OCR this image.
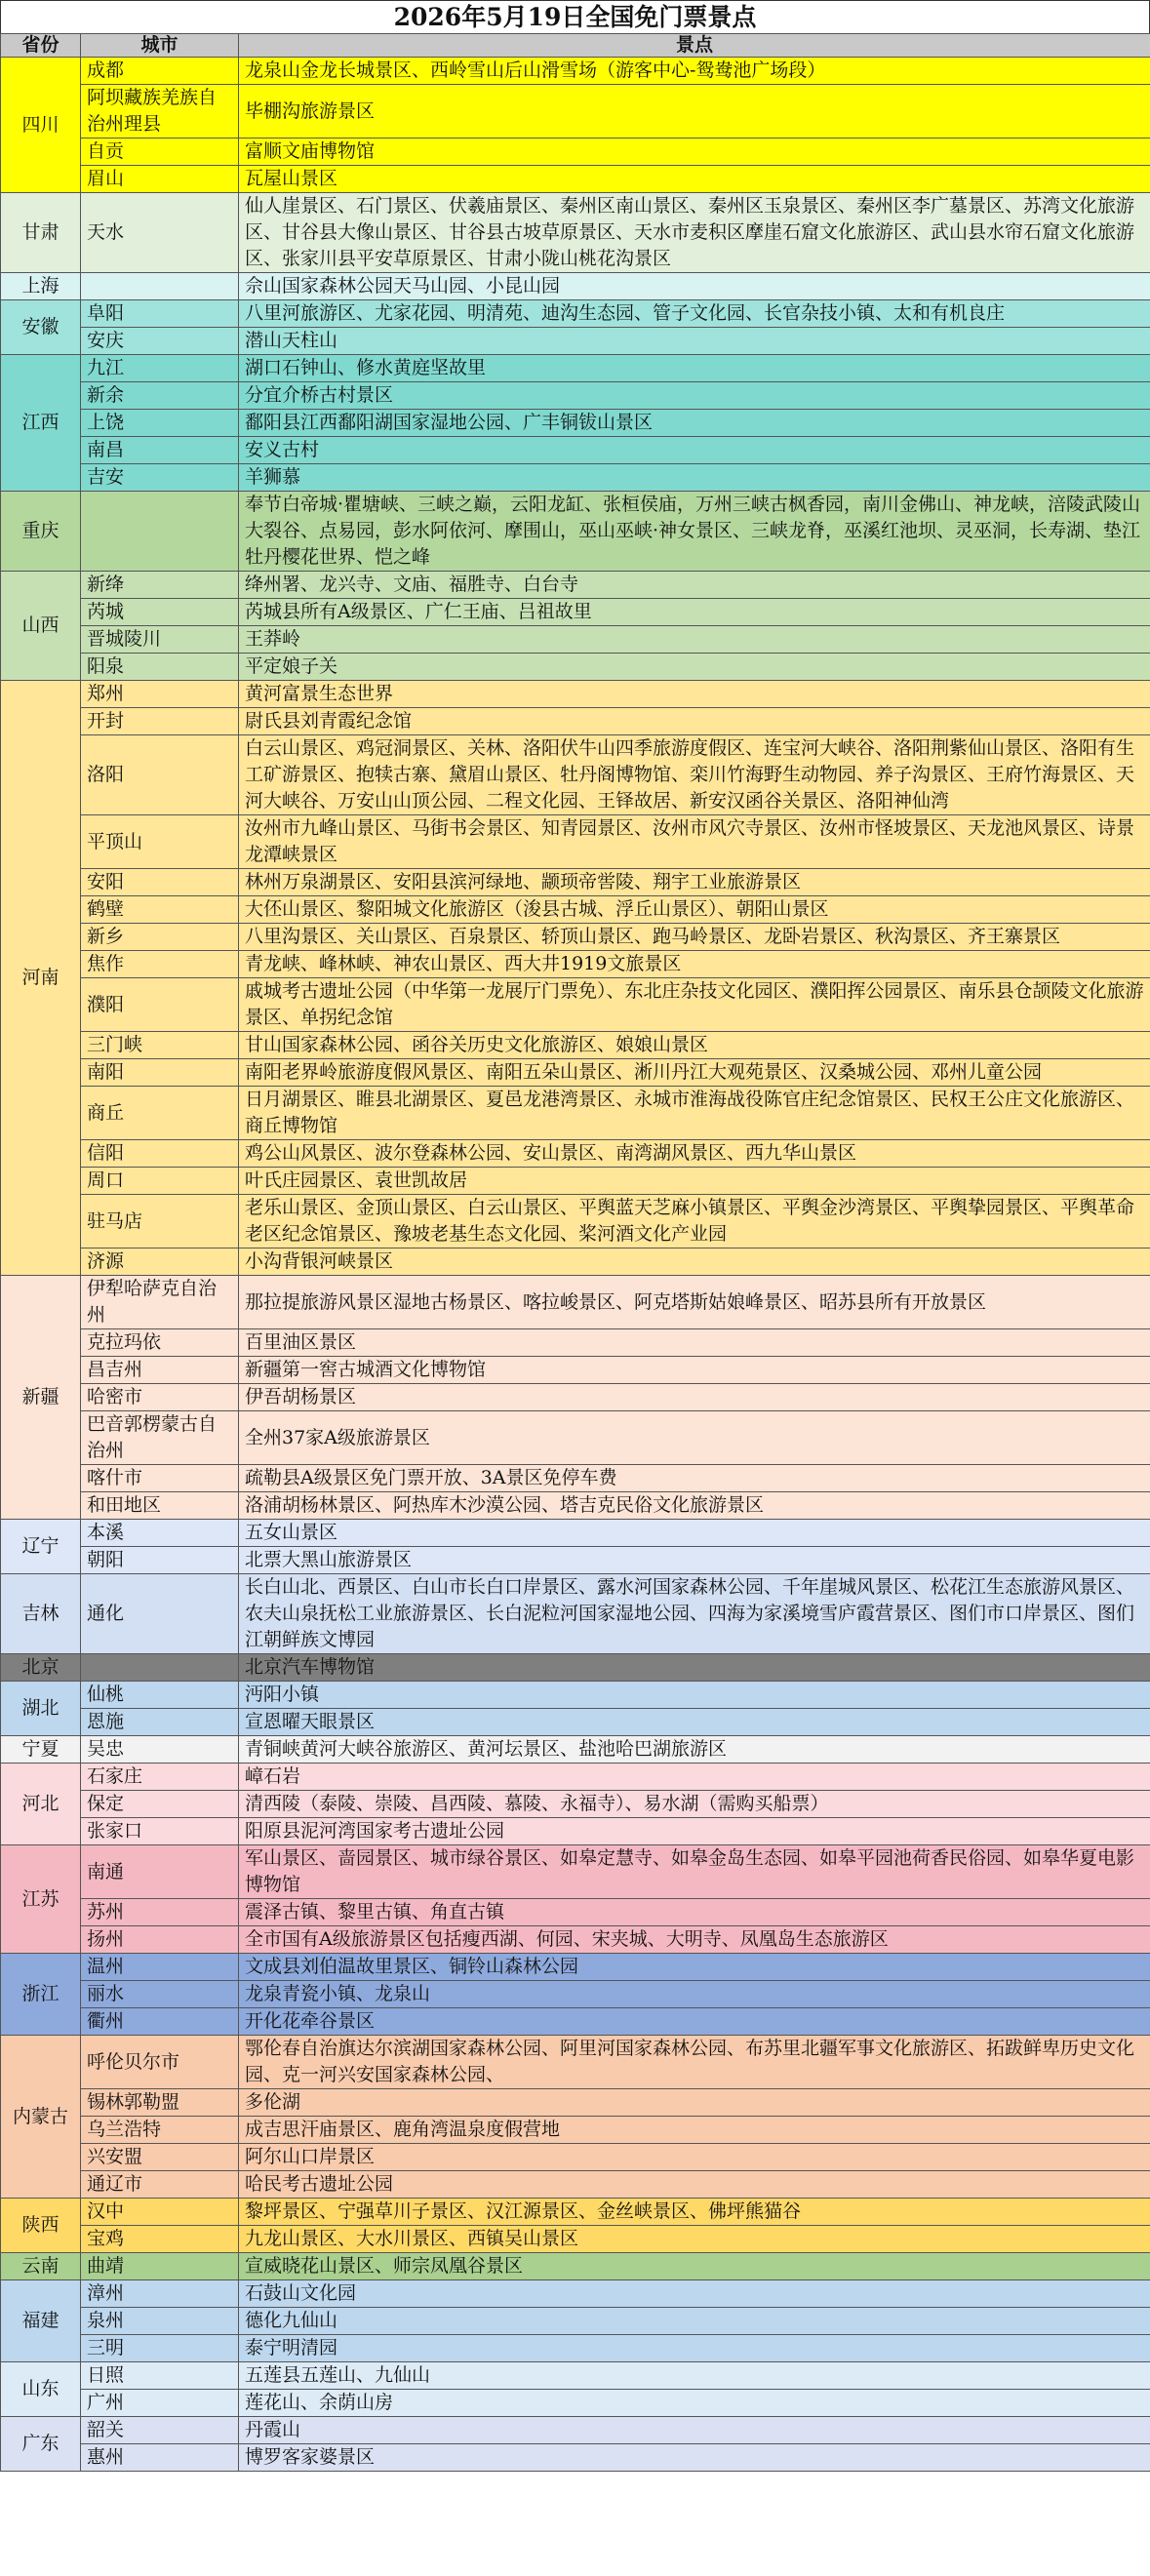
2026年5月19日全国免门票景点
省份	城市	景点
四川	成都	龙泉山金龙长城景区、西岭雪山后山滑雪场（游客中心-鸳鸯池广场段）
	阿坝藏族羌族自治州理县	毕棚沟旅游景区
	自贡	富顺文庙博物馆
	眉山	瓦屋山景区
甘肃	天水	仙人崖景区、石门景区、伏羲庙景区、秦州区南山景区、秦州区玉泉景区、秦州区李广墓景区、苏湾文化旅游区、甘谷县大像山景区、甘谷县古坡草原景区、天水市麦积区摩崖石窟文化旅游区、武山县水帘石窟文化旅游区、张家川县平安草原景区、甘肃小陇山桃花沟景区
上海		佘山国家森林公园天马山园、小昆山园
安徽	阜阳	八里河旅游区、尤家花园、明清苑、迪沟生态园、管子文化园、长官杂技小镇、太和有机良庄
	安庆	潜山天柱山
江西	九江	湖口石钟山、修水黄庭坚故里
	新余	分宜介桥古村景区
	上饶	鄱阳县江西鄱阳湖国家湿地公园、广丰铜钹山景区
	南昌	安义古村
	吉安	羊狮慕
重庆		奉节白帝城·瞿塘峡、三峡之巅，云阳龙缸、张桓侯庙，万州三峡古枫香园，南川金佛山、神龙峡，涪陵武陵山大裂谷、点易园，彭水阿依河、摩围山，巫山巫峡·神女景区、三峡龙脊，巫溪红池坝、灵巫洞，长寿湖、垫江牡丹樱花世界、恺之峰
山西	新绛	绛州署、龙兴寺、文庙、福胜寺、白台寺
	芮城	芮城县所有A级景区、广仁王庙、吕祖故里
	晋城陵川	王莽岭
	阳泉	平定娘子关
河南	郑州	黄河富景生态世界
	开封	尉氏县刘青霞纪念馆
	洛阳	白云山景区、鸡冠洞景区、关林、洛阳伏牛山四季旅游度假区、连宝河大峡谷、洛阳荆紫仙山景区、洛阳有生工矿游景区、抱犊古寨、黛眉山景区、牡丹阁博物馆、栾川竹海野生动物园、养子沟景区、王府竹海景区、天河大峡谷、万安山山顶公园、二程文化园、王铎故居、新安汉函谷关景区、洛阳神仙湾
	平顶山	汝州市九峰山景区、马街书会景区、知青园景区、汝州市风穴寺景区、汝州市怪坡景区、天龙池风景区、诗景龙潭峡景区
	安阳	林州万泉湖景区、安阳县滨河绿地、颛顼帝喾陵、翔宇工业旅游景区
	鹤壁	大伾山景区、黎阳城文化旅游区（浚县古城、浮丘山景区）、朝阳山景区
	新乡	八里沟景区、关山景区、百泉景区、轿顶山景区、跑马岭景区、龙卧岩景区、秋沟景区、齐王寨景区
	焦作	青龙峡、峰林峡、神农山景区、西大井1919文旅景区
	濮阳	戚城考古遗址公园（中华第一龙展厅门票免）、东北庄杂技文化园区、濮阳挥公园景区、南乐县仓颉陵文化旅游景区、单拐纪念馆
	三门峡	甘山国家森林公园、函谷关历史文化旅游区、娘娘山景区
	南阳	南阳老界岭旅游度假风景区、南阳五朵山景区、淅川丹江大观苑景区、汉桑城公园、邓州儿童公园
	商丘	日月湖景区、睢县北湖景区、夏邑龙港湾景区、永城市淮海战役陈官庄纪念馆景区、民权王公庄文化旅游区、商丘博物馆
	信阳	鸡公山风景区、波尔登森林公园、安山景区、南湾湖风景区、西九华山景区
	周口	叶氏庄园景区、袁世凯故居
	驻马店	老乐山景区、金顶山景区、白云山景区、平舆蓝天芝麻小镇景区、平舆金沙湾景区、平舆挚园景区、平舆革命老区纪念馆景区、豫坡老基生态文化园、桨河酒文化产业园
	济源	小沟背银河峡景区
新疆	伊犁哈萨克自治州	那拉提旅游风景区湿地古杨景区、喀拉峻景区、阿克塔斯姑娘峰景区、昭苏县所有开放景区
	克拉玛依	百里油区景区
	昌吉州	新疆第一窖古城酒文化博物馆
	哈密市	伊吾胡杨景区
	巴音郭楞蒙古自治州	全州37家A级旅游景区
	喀什市	疏勒县A级景区免门票开放、3A景区免停车费
	和田地区	洛浦胡杨林景区、阿热库木沙漠公园、塔吉克民俗文化旅游景区
辽宁	本溪	五女山景区
	朝阳	北票大黑山旅游景区
吉林	通化	长白山北、西景区、白山市长白口岸景区、露水河国家森林公园、千年崖城风景区、松花江生态旅游风景区、农夫山泉抚松工业旅游景区、长白泥粒河国家湿地公园、四海为家溪境雪庐霞营景区、图们市口岸景区、图们江朝鲜族文博园
北京		北京汽车博物馆
湖北	仙桃	沔阳小镇
	恩施	宣恩曜天眼景区
宁夏	吴忠	青铜峡黄河大峡谷旅游区、黄河坛景区、盐池哈巴湖旅游区
河北	石家庄	嶂石岩
	保定	清西陵（泰陵、崇陵、昌西陵、慕陵、永福寺）、易水湖（需购买船票）
	张家口	阳原县泥河湾国家考古遗址公园
江苏	南通	军山景区、啬园景区、城市绿谷景区、如皋定慧寺、如皋金岛生态园、如皋平园池荷香民俗园、如皋华夏电影博物馆
	苏州	震泽古镇、黎里古镇、角直古镇
	扬州	全市国有A级旅游景区包括瘦西湖、何园、宋夹城、大明寺、凤凰岛生态旅游区
浙江	温州	文成县刘伯温故里景区、铜铃山森林公园
	丽水	龙泉青瓷小镇、龙泉山
	衢州	开化花牵谷景区
内蒙古	呼伦贝尔市	鄂伦春自治旗达尔滨湖国家森林公园、阿里河国家森林公园、布苏里北疆军事文化旅游区、拓跋鲜卑历史文化园、克一河兴安国家森林公园、
	锡林郭勒盟	多伦湖
	乌兰浩特	成吉思汗庙景区、鹿角湾温泉度假营地
	兴安盟	阿尔山口岸景区
	通辽市	哈民考古遗址公园
陕西	汉中	黎坪景区、宁强草川子景区、汉江源景区、金丝峡景区、佛坪熊猫谷
	宝鸡	九龙山景区、大水川景区、西镇吴山景区
云南	曲靖	宣威晓花山景区、师宗凤凰谷景区
福建	漳州	石鼓山文化园
	泉州	德化九仙山
	三明	泰宁明清园
山东	日照	五莲县五莲山、九仙山
	广州	莲花山、余荫山房
广东	韶关	丹霞山
	惠州	博罗客家婆景区
